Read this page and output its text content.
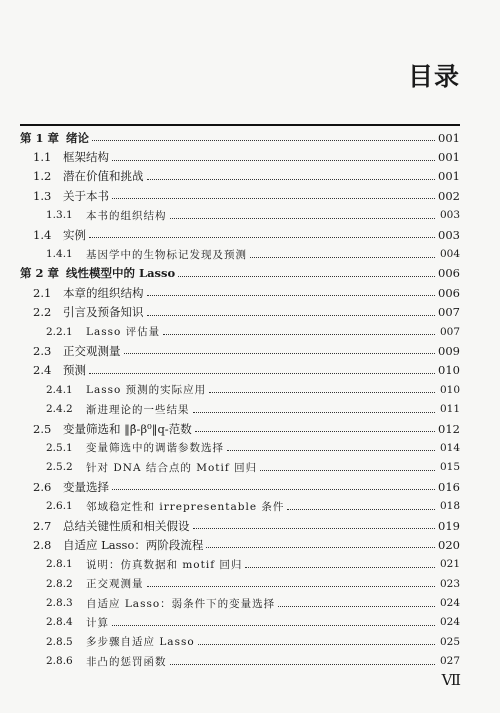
目录
第 1 章 绪论	001
1.1	框架结构	001
1.2	潜在价值和挑战	001
1.3	关于本书	002
1.3.1	本书的组织结构	003
1.4	实例	003
1.4.1	基因学中的生物标记发现及预测	004
第 2 章 线性模型中的 Lasso	006
2.1	本章的组织结构	006
2.2	引言及预备知识	007
2.2.1	Lasso 评估量	007
2.3	正交观测量	009
2.4	预测	010
2.4.1	Lasso 预测的实际应用	010
2.4.2	渐进理论的一些结果	011
2.5	变量筛选和 ‖β̂-β⁰‖q-范数	012
2.5.1	变量筛选中的调谐参数选择	014
2.5.2	针对 DNA 结合点的 Motif 回归	015
2.6	变量选择	016
2.6.1	邻域稳定性和 irrepresentable 条件	018
2.7	总结关键性质和相关假设	019
2.8	自适应 Lasso：两阶段流程	020
2.8.1	说明：仿真数据和 motif 回归	021
2.8.2	正交观测量	023
2.8.3	自适应 Lasso：弱条件下的变量选择	024
2.8.4	计算	024
2.8.5	多步骤自适应 Lasso	025
2.8.6	非凸的惩罚函数	027
Ⅶ
